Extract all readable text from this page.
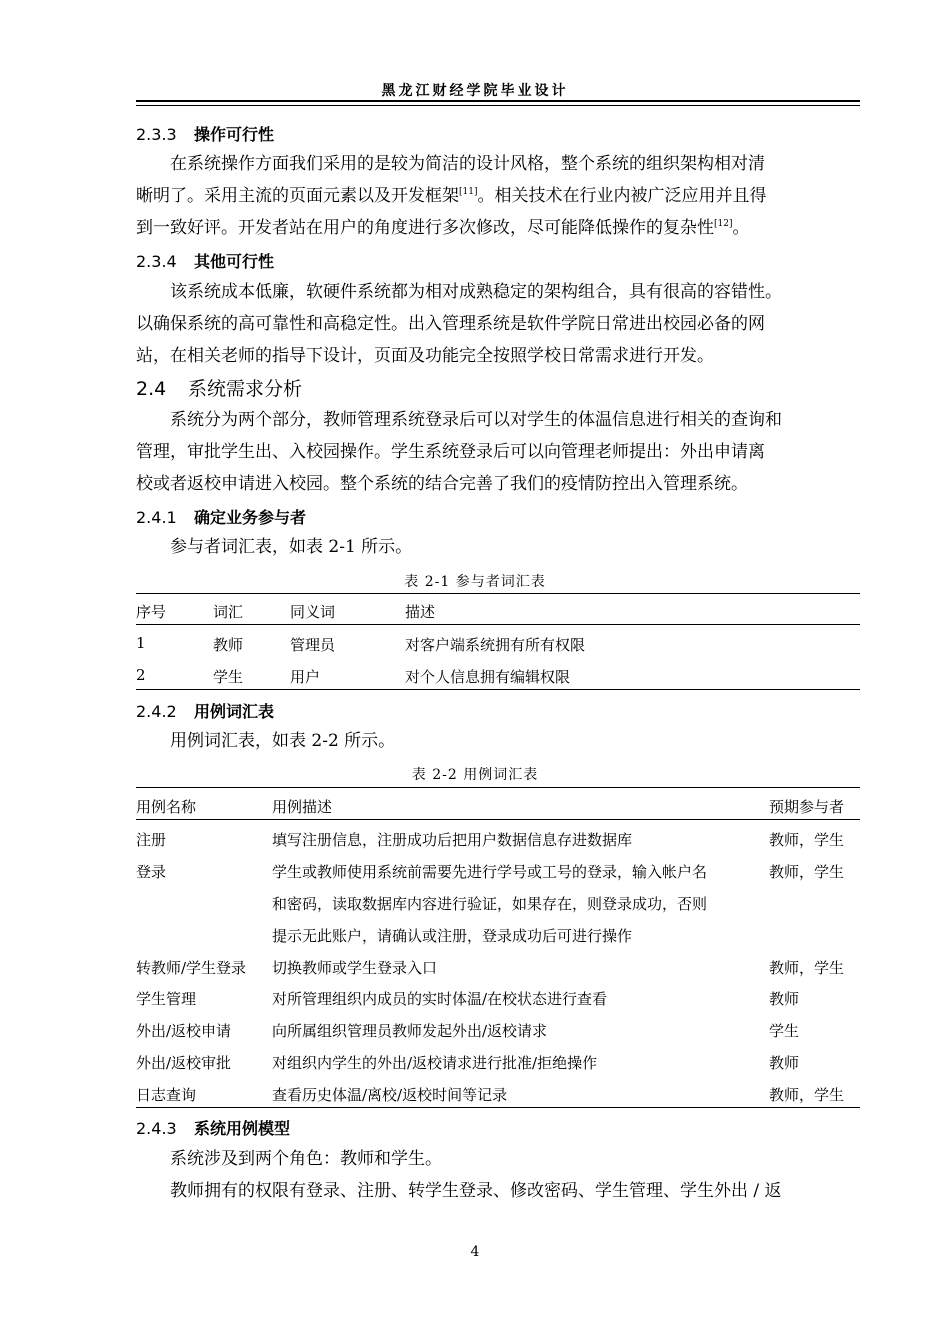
黑龙江财经学院毕业设计
2.3.3 操作可行性
在系统操作方面我们采用的是较为简洁的设计风格，整个系统的组织架构相对清
晰明了。采用主流的页面元素以及开发框架[11]。相关技术在行业内被广泛应用并且得
到一致好评。开发者站在用户的角度进行多次修改，尽可能降低操作的复杂性[12]。
2.3.4 其他可行性
该系统成本低廉，软硬件系统都为相对成熟稳定的架构组合，具有很高的容错性。
以确保系统的高可靠性和高稳定性。出入管理系统是软件学院日常进出校园必备的网
站，在相关老师的指导下设计，页面及功能完全按照学校日常需求进行开发。
2.4 系统需求分析
系统分为两个部分，教师管理系统登录后可以对学生的体温信息进行相关的查询和
管理，审批学生出、入校园操作。学生系统登录后可以向管理老师提出：外出申请离
校或者返校申请进入校园。整个系统的结合完善了我们的疫情防控出入管理系统。
2.4.1 确定业务参与者
参与者词汇表，如表 2-1 所示。
表 2-1 参与者词汇表
序号	词汇	同义词	描述
1	教师	管理员	对客户端系统拥有所有权限
2	学生	用户	对个人信息拥有编辑权限
2.4.2 用例词汇表
用例词汇表，如表 2-2 所示。
表 2-2 用例词汇表
用例名称	用例描述	预期参与者
注册	填写注册信息，注册成功后把用户数据信息存进数据库	教师，学生
登录	学生或教师使用系统前需要先进行学号或工号的登录，输入帐户名
和密码，读取数据库内容进行验证，如果存在，则登录成功，否则
提示无此账户，请确认或注册，登录成功后可进行操作
教师，学生
转教师/学生登录 切换教师或学生登录入口	教师，学生
学生管理	对所管理组织内成员的实时体温/在校状态进行查看	教师
外出/返校申请	向所属组织管理员教师发起外出/返校请求	学生
外出/返校审批	对组织内学生的外出/返校请求进行批准/拒绝操作	教师
日志查询	查看历史体温/离校/返校时间等记录	教师，学生
2.4.3 系统用例模型
系统涉及到两个角色：教师和学生。
教师拥有的权限有登录、注册、转学生登录、修改密码、学生管理、学生外出 / 返
4
